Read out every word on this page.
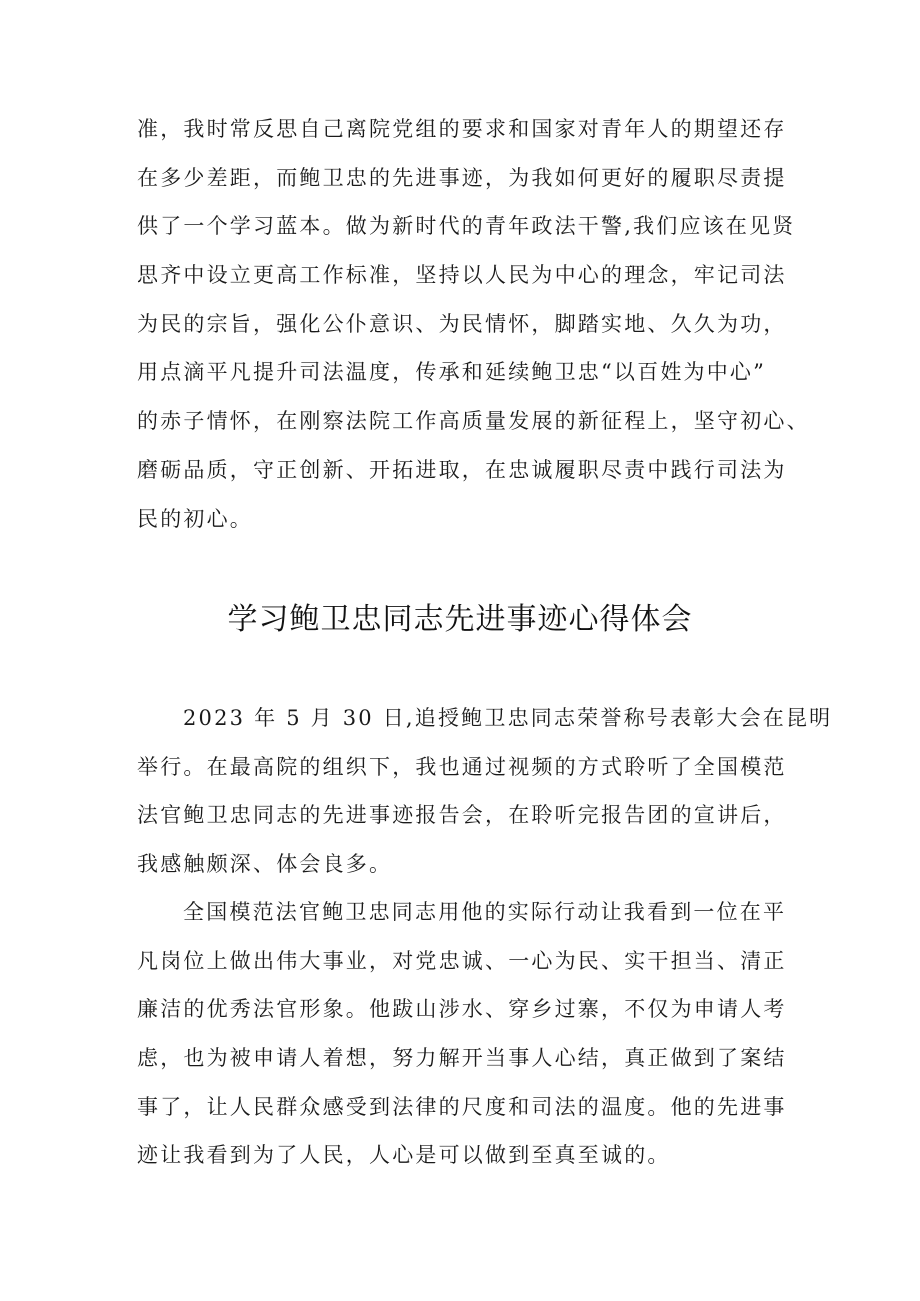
准，我时常反思自己离院党组的要求和国家对青年人的期望还存
在多少差距，而鲍卫忠的先进事迹，为我如何更好的履职尽责提
供了一个学习蓝本。做为新时代的青年政法干警,我们应该在见贤
思齐中设立更高工作标准，坚持以人民为中心的理念，牢记司法
为民的宗旨，强化公仆意识、为民情怀，脚踏实地、久久为功，
用点滴平凡提升司法温度，传承和延续鲍卫忠“以百姓为中心”
的赤子情怀，在刚察法院工作高质量发展的新征程上，坚守初心、
磨砺品质，守正创新、开拓进取，在忠诚履职尽责中践行司法为
民的初心。
学习鲍卫忠同志先进事迹心得体会
2023 年 5 月 30 日,追授鲍卫忠同志荣誉称号表彰大会在昆明
举行。在最高院的组织下，我也通过视频的方式聆听了全国模范
法官鲍卫忠同志的先进事迹报告会，在聆听完报告团的宣讲后，
我感触颇深、体会良多。
全国模范法官鲍卫忠同志用他的实际行动让我看到一位在平
凡岗位上做出伟大事业，对党忠诚、一心为民、实干担当、清正
廉洁的优秀法官形象。他跋山涉水、穿乡过寨，不仅为申请人考
虑，也为被申请人着想，努力解开当事人心结，真正做到了案结
事了，让人民群众感受到法律的尺度和司法的温度。他的先进事
迹让我看到为了人民，人心是可以做到至真至诚的。
